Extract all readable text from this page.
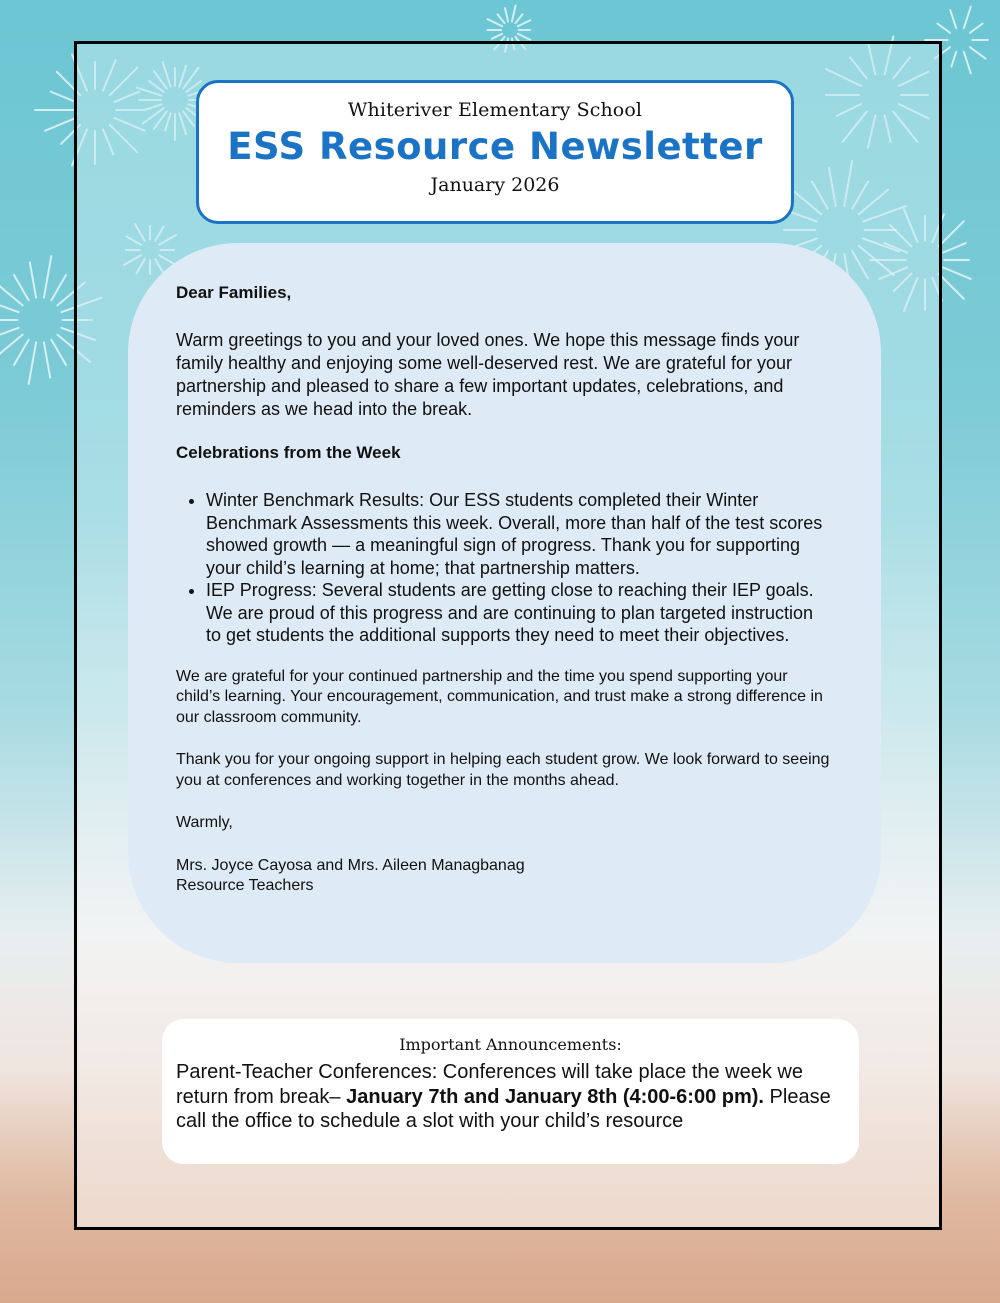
Whiteriver Elementary School
ESS Resource Newsletter
January 2026

Dear Families,

Warm greetings to you and your loved ones. We hope this message finds your family healthy and enjoying some well-deserved rest. We are grateful for your partnership and pleased to share a few important updates, celebrations, and reminders as we head into the break.

Celebrations from the Week

• Winter Benchmark Results: Our ESS students completed their Winter Benchmark Assessments this week. Overall, more than half of the test scores showed growth — a meaningful sign of progress. Thank you for supporting your child’s learning at home; that partnership matters.
• IEP Progress: Several students are getting close to reaching their IEP goals. We are proud of this progress and are continuing to plan targeted instruction to get students the additional supports they need to meet their objectives.

We are grateful for your continued partnership and the time you spend supporting your child’s learning. Your encouragement, communication, and trust make a strong difference in our classroom community.

Thank you for your ongoing support in helping each student grow. We look forward to seeing you at conferences and working together in the months ahead.

Warmly,

Mrs. Joyce Cayosa and Mrs. Aileen Managbanag

Resource Teachers

Important Announcements:
Parent-Teacher Conferences: Conferences will take place the week we return from break– January 7th and January 8th (4:00-6:00 pm). Please call the office to schedule a slot with your child’s resource
